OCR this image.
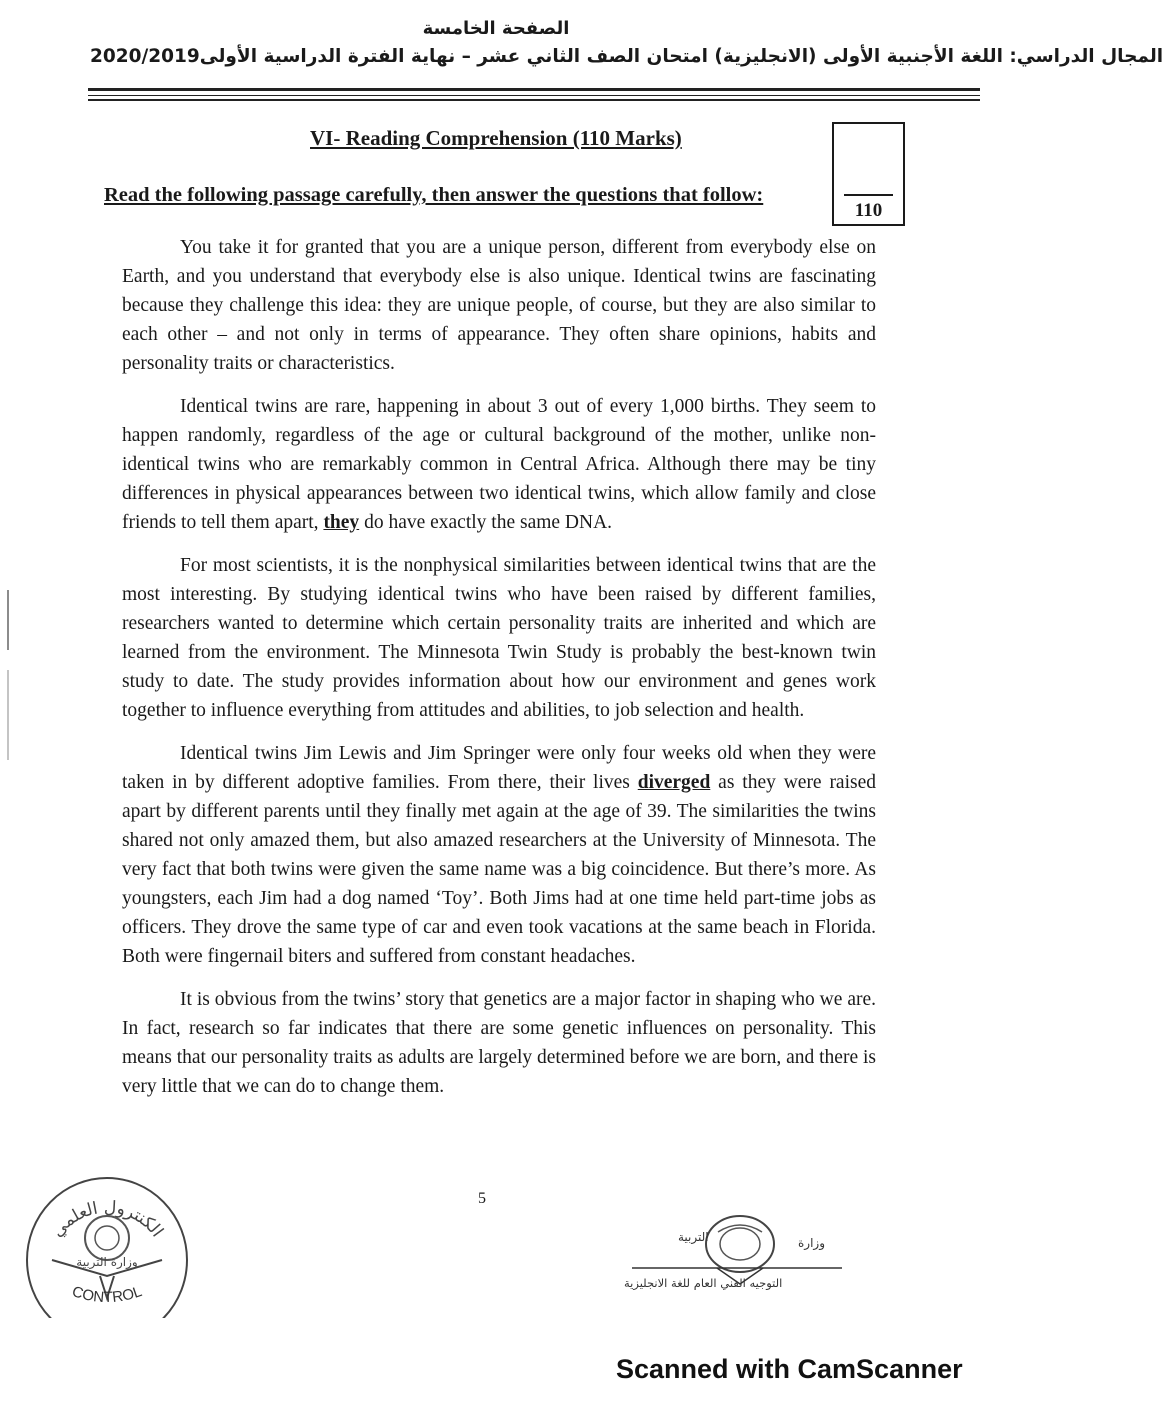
الصفحة الخامسة
2020/2019 المجال الدراسي: اللغة الأجنبية الأولى (الانجليزية) امتحان الصف الثاني عشر – نهاية الفترة الدراسية الأولى
VI- Reading Comprehension (110 Marks)
Read the following passage carefully, then answer the questions that follow:
110

You take it for granted that you are a unique person, different from everybody else on Earth, and you understand that everybody else is also unique. Identical twins are fascinating because they challenge this idea: they are unique people, of course, but they are also similar to each other – and not only in terms of appearance. They often share opinions, habits and personality traits or characteristics.

Identical twins are rare, happening in about 3 out of every 1,000 births. They seem to happen randomly, regardless of the age or cultural background of the mother, unlike non-identical twins who are remarkably common in Central Africa. Although there may be tiny differences in physical appearances between two identical twins, which allow family and close friends to tell them apart, they do have exactly the same DNA.

For most scientists, it is the nonphysical similarities between identical twins that are the most interesting. By studying identical twins who have been raised by different families, researchers wanted to determine which certain personality traits are inherited and which are learned from the environment. The Minnesota Twin Study is probably the best-known twin study to date. The study provides information about how our environment and genes work together to influence everything from attitudes and abilities, to job selection and health.

Identical twins Jim Lewis and Jim Springer were only four weeks old when they were taken in by different adoptive families. From there, their lives diverged as they were raised apart by different parents until they finally met again at the age of 39. The similarities the twins shared not only amazed them, but also amazed researchers at the University of Minnesota. The very fact that both twins were given the same name was a big coincidence. But there’s more. As youngsters, each Jim had a dog named ‘Toy’. Both Jims had at one time held part-time jobs as officers. They drove the same type of car and even took vacations at the same beach in Florida. Both were fingernail biters and suffered from constant headaches.

It is obvious from the twins’ story that genetics are a major factor in shaping who we are. In fact, research so far indicates that there are some genetic influences on personality. This means that our personality traits as adults are largely determined before we are born, and there is very little that we can do to change them.

5
الكنترول العلمي
وزارة التربية
CONTROL
وزارة
التربية
التوجيه الفني العام للغة الانجليزية
Scanned with CamScanner
